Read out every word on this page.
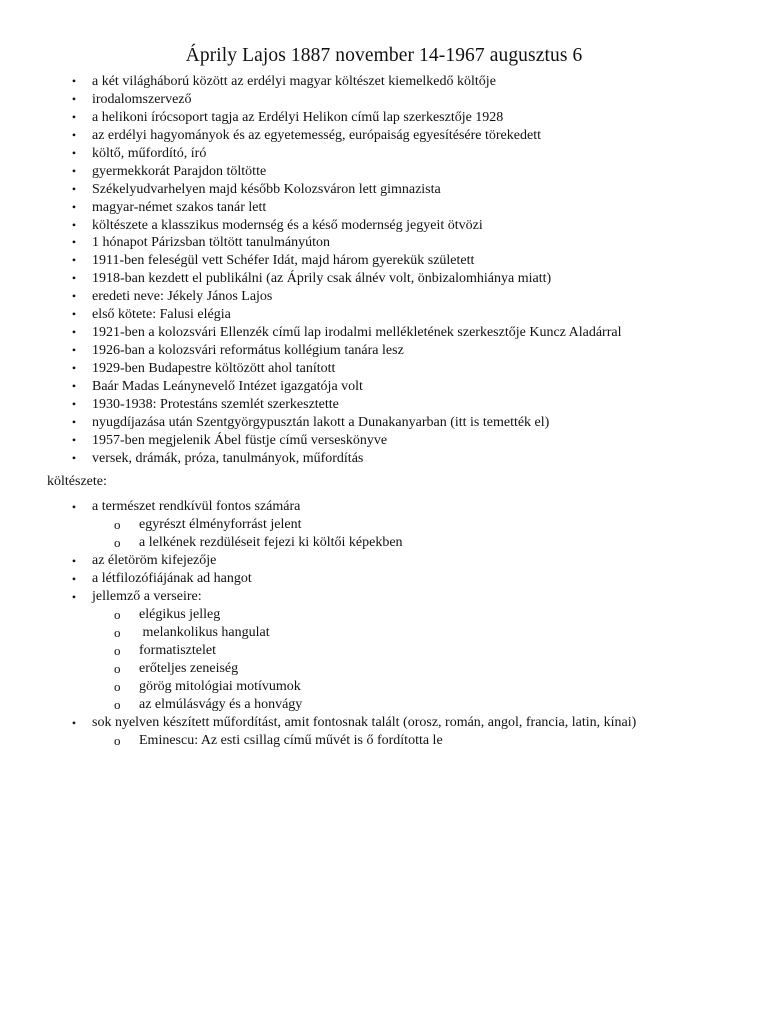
Áprily Lajos 1887 november 14-1967 augusztus 6
• a két világháború között az erdélyi magyar költészet kiemelkedő költője
• irodalomszervező
• a helikoni írócsoport tagja az Erdélyi Helikon című lap szerkesztője 1928
• az erdélyi hagyományok és az egyetemesség, európaiság egyesítésére törekedett
• költő, műfordító, író
• gyermekkorát Parajdon töltötte
• Székelyudvarhelyen majd később Kolozsváron lett gimnazista
• magyar-német szakos tanár lett
• költészete a klasszikus modernség és a késő modernség jegyeit ötvözi
• 1 hónapot Párizsban töltött tanulmányúton
• 1911-ben feleségül vett Schéfer Idát, majd három gyerekük született
• 1918-ban kezdett el publikálni (az Áprily csak álnév volt, önbizalomhiánya miatt)
• eredeti neve: Jékely János Lajos
• első kötete: Falusi elégia
• 1921-ben a kolozsvári Ellenzék című lap irodalmi mellékletének szerkesztője Kuncz Aladárral
• 1926-ban a kolozsvári református kollégium tanára lesz
• 1929-ben Budapestre költözött ahol tanított
• Baár Madas Leánynevelő Intézet igazgatója volt
• 1930-1938: Protestáns szemlét szerkesztette
• nyugdíjazása után Szentgyörgypusztán lakott a Dunakanyarban (itt is temették el)
• 1957-ben megjelenik Ábel füstje című verseskönyve
• versek, drámák, próza, tanulmányok, műfordítás
költészete:
• a természet rendkívül fontos számára
o egyrészt élményforrást jelent
o a lelkének rezdüléseit fejezi ki költői képekben
• az életöröm kifejezője
• a létfilozófiájának ad hangot
• jellemző a verseire:
o elégikus jelleg
o melankolikus hangulat
o formatisztelet
o erőteljes zeneiség
o görög mitológiai motívumok
o az elmúlásvágy és a honvágy
• sok nyelven készített műfordítást, amit fontosnak talált (orosz, román, angol, francia, latin, kínai)
o Eminescu: Az esti csillag című művét is ő fordította le
